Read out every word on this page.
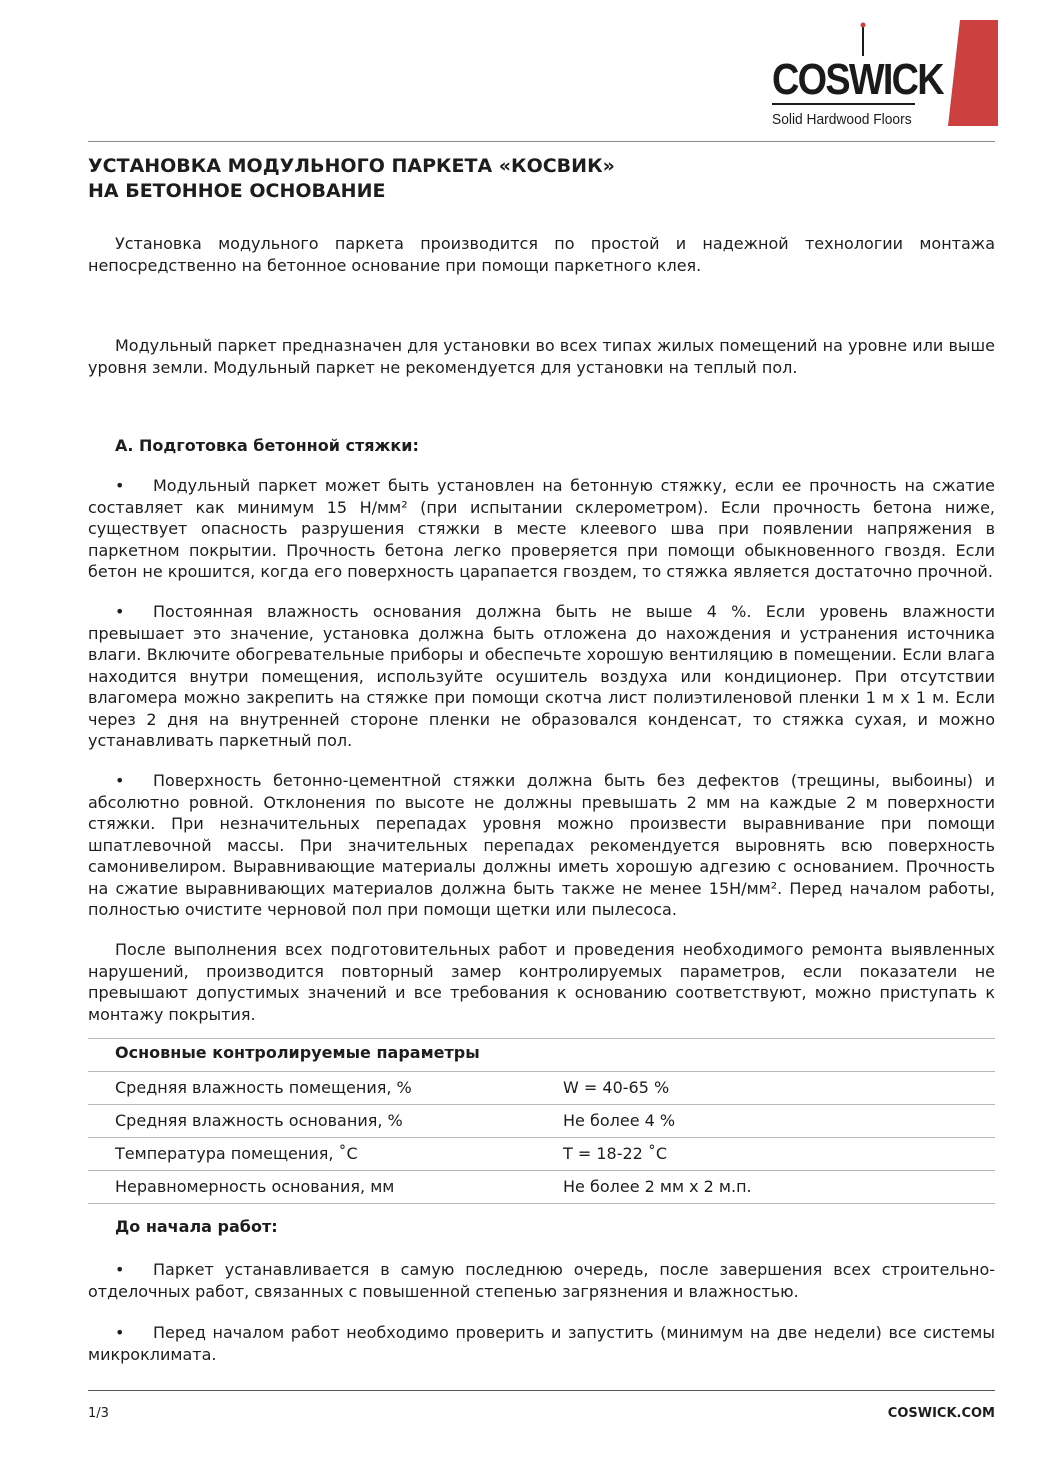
COSWICK
Solid Hardwood Floors
УСТАНОВКА МОДУЛЬНОГО ПАРКЕТА «КОСВИК»
НА БЕТОННОЕ ОСНОВАНИЕ

Установка модульного паркета производится по простой и надежной технологии монтажа непосредственно на бетонное основание при помощи паркетного клея.

Модульный паркет предназначен для установки во всех типах жилых помещений на уровне или выше уровня земли. Модульный паркет не рекомендуется для установки на теплый пол.

А. Подготовка бетонной стяжки:

• Модульный паркет может быть установлен на бетонную стяжку, если ее прочность на сжатие составляет как минимум 15 Н/мм² (при испытании склерометром). Если прочность бетона ниже, существует опасность разрушения стяжки в месте клеевого шва при появлении напряжения в паркетном покрытии. Прочность бетона легко проверяется при помощи обыкновенного гвоздя. Если бетон не крошится, когда его поверхность царапается гвоздем, то стяжка является достаточно прочной.

• Постоянная влажность основания должна быть не выше 4 %. Если уровень влажности превышает это значение, установка должна быть отложена до нахождения и устранения источника влаги. Включите обогревательные приборы и обеспечьте хорошую вентиляцию в помещении. Если влага находится внутри помещения, используйте осушитель воздуха или кондиционер. При отсутствии влагомера можно закрепить на стяжке при помощи скотча лист полиэтиленовой пленки 1 м х 1 м. Если через 2 дня на внутренней стороне пленки не образовался конденсат, то стяжка сухая, и можно устанавливать паркетный пол.

• Поверхность бетонно-цементной стяжки должна быть без дефектов (трещины, выбоины) и абсолютно ровной. Отклонения по высоте не должны превышать 2 мм на каждые 2 м поверхности стяжки. При незначительных перепадах уровня можно произвести выравнивание при помощи шпатлевочной массы. При значительных перепадах рекомендуется выровнять всю поверхность самонивелиром. Выравнивающие материалы должны иметь хорошую адгезию с основанием. Прочность на сжатие выравнивающих материалов должна быть также не менее 15Н/мм². Перед началом работы, полностью очистите черновой пол при помощи щетки или пылесоса.

После выполнения всех подготовительных работ и проведения необходимого ремонта выявленных нарушений, производится повторный замер контролируемых параметров, если показатели не превышают допустимых значений и все требования к основанию соответствуют, можно приступать к монтажу покрытия.

Основные контролируемые параметры
Средняя влажность помещения, %	W = 40-65 %
Средняя влажность основания, %	Не более 4 %
Температура помещения, ˚С	Т = 18-22 ˚С
Неравномерность основания, мм	Не более 2 мм х 2 м.п.
До начала работ:

• Паркет устанавливается в самую последнюю очередь, после завершения всех строительно-отделочных работ, связанных с повышенной степенью загрязнения и влажностью.

• Перед началом работ необходимо проверить и запустить (минимум на две недели) все системы микроклимата.

1/3	COSWICK.COM
